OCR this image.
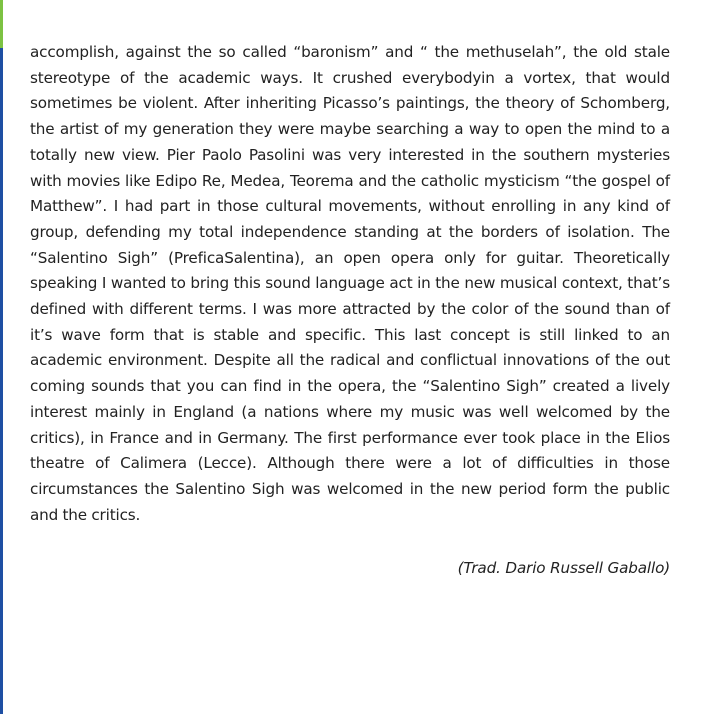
accomplish, against the so called “baronism” and “ the methuselah”, the old stale stereotype of the academic ways. It crushed everybodyin a vortex, that would sometimes be violent. After inheriting Picasso’s paintings, the theory of Schomberg, the artist of my generation they were maybe searching a way to open the mind to a totally new view. Pier Paolo Pasolini was very interested in the southern mysteries with movies like Edipo Re, Medea, Teorema and the catholic mysticism “the gospel of Matthew”. I had part in those cultural movements, without enrolling in any kind of group, defending my total independence standing at the borders of isolation. The “Salentino Sigh” (PreficaSalentina), an open opera only for guitar. Theoretically speaking I wanted to bring this sound language act in the new musical context, that’s defined with different terms. I was more attracted by the color of the sound than of it’s wave form that is stable and specific. This last concept is still linked to an academic environment. Despite all the radical and conflictual innovations of the out coming sounds that you can find in the opera, the “Salentino Sigh” created a lively interest mainly in England (a nations where my music was well welcomed by the critics), in France and in Germany. The first performance ever took place in the Elios theatre of Calimera (Lecce). Although there were a lot of difficulties in those circumstances the Salentino Sigh was welcomed in the new period form the public and the critics.

(Trad. Dario Russell Gaballo)
